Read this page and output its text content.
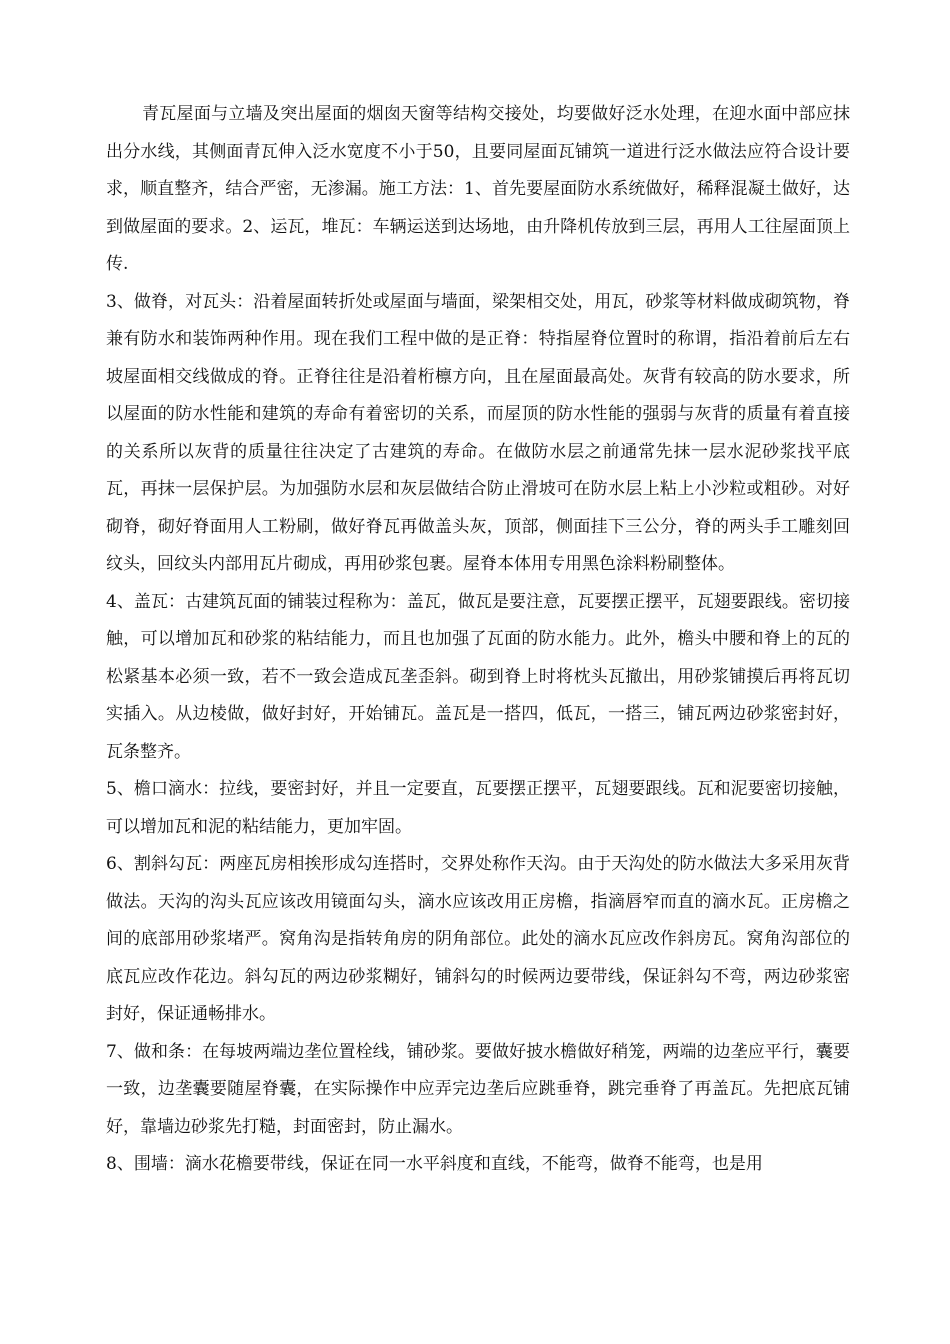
青瓦屋面与立墙及突出屋面的烟囱天窗等结构交接处，均要做好泛水处理，在迎水面中部应抹出分水线，其侧面青瓦伸入泛水宽度不小于50，且要同屋面瓦铺筑一道进行泛水做法应符合设计要求，顺直整齐，结合严密，无渗漏。施工方法：1、首先要屋面防水系统做好，稀释混凝土做好，达到做屋面的要求。2、运瓦，堆瓦：车辆运送到达场地，由升降机传放到三层，再用人工往屋面顶上传.

3、做脊，对瓦头：沿着屋面转折处或屋面与墙面，梁架相交处，用瓦，砂浆等材料做成砌筑物，脊兼有防水和装饰两种作用。现在我们工程中做的是正脊：特指屋脊位置时的称谓，指沿着前后左右坡屋面相交线做成的脊。正脊往往是沿着桁檩方向，且在屋面最高处。灰背有较高的防水要求，所以屋面的防水性能和建筑的寿命有着密切的关系，而屋顶的防水性能的强弱与灰背的质量有着直接的关系所以灰背的质量往往决定了古建筑的寿命。在做防水层之前通常先抹一层水泥砂浆找平底瓦，再抹一层保护层。为加强防水层和灰层做结合防止滑坡可在防水层上粘上小沙粒或粗砂。对好砌脊，砌好脊面用人工粉刷，做好脊瓦再做盖头灰，顶部，侧面挂下三公分，脊的两头手工雕刻回纹头，回纹头内部用瓦片砌成，再用砂浆包裹。屋脊本体用专用黑色涂料粉刷整体。

4、盖瓦：古建筑瓦面的铺装过程称为：盖瓦，做瓦是要注意，瓦要摆正摆平，瓦翅要跟线。密切接触，可以增加瓦和砂浆的粘结能力，而且也加强了瓦面的防水能力。此外，檐头中腰和脊上的瓦的松紧基本必须一致，若不一致会造成瓦垄歪斜。砌到脊上时将枕头瓦撤出，用砂浆铺摸后再将瓦切实插入。从边棱做，做好封好，开始铺瓦。盖瓦是一搭四，低瓦，一搭三，铺瓦两边砂浆密封好，瓦条整齐。

5、檐口滴水：拉线，要密封好，并且一定要直，瓦要摆正摆平，瓦翅要跟线。瓦和泥要密切接触，可以增加瓦和泥的粘结能力，更加牢固。

6、割斜勾瓦：两座瓦房相挨形成勾连搭时，交界处称作天沟。由于天沟处的防水做法大多采用灰背做法。天沟的沟头瓦应该改用镜面勾头，滴水应该改用正房檐，指滴唇窄而直的滴水瓦。正房檐之间的底部用砂浆堵严。窝角沟是指转角房的阴角部位。此处的滴水瓦应改作斜房瓦。窝角沟部位的底瓦应改作花边。斜勾瓦的两边砂浆糊好，铺斜勾的时候两边要带线，保证斜勾不弯，两边砂浆密封好，保证通畅排水。

7、做和条：在每坡两端边垄位置栓线，铺砂浆。要做好披水檐做好稍笼，两端的边垄应平行，囊要一致，边垄囊要随屋脊囊，在实际操作中应弄完边垄后应跳垂脊，跳完垂脊了再盖瓦。先把底瓦铺好，靠墙边砂浆先打糙，封面密封，防止漏水。

8、围墙：滴水花檐要带线，保证在同一水平斜度和直线，不能弯，做脊不能弯，也是用
